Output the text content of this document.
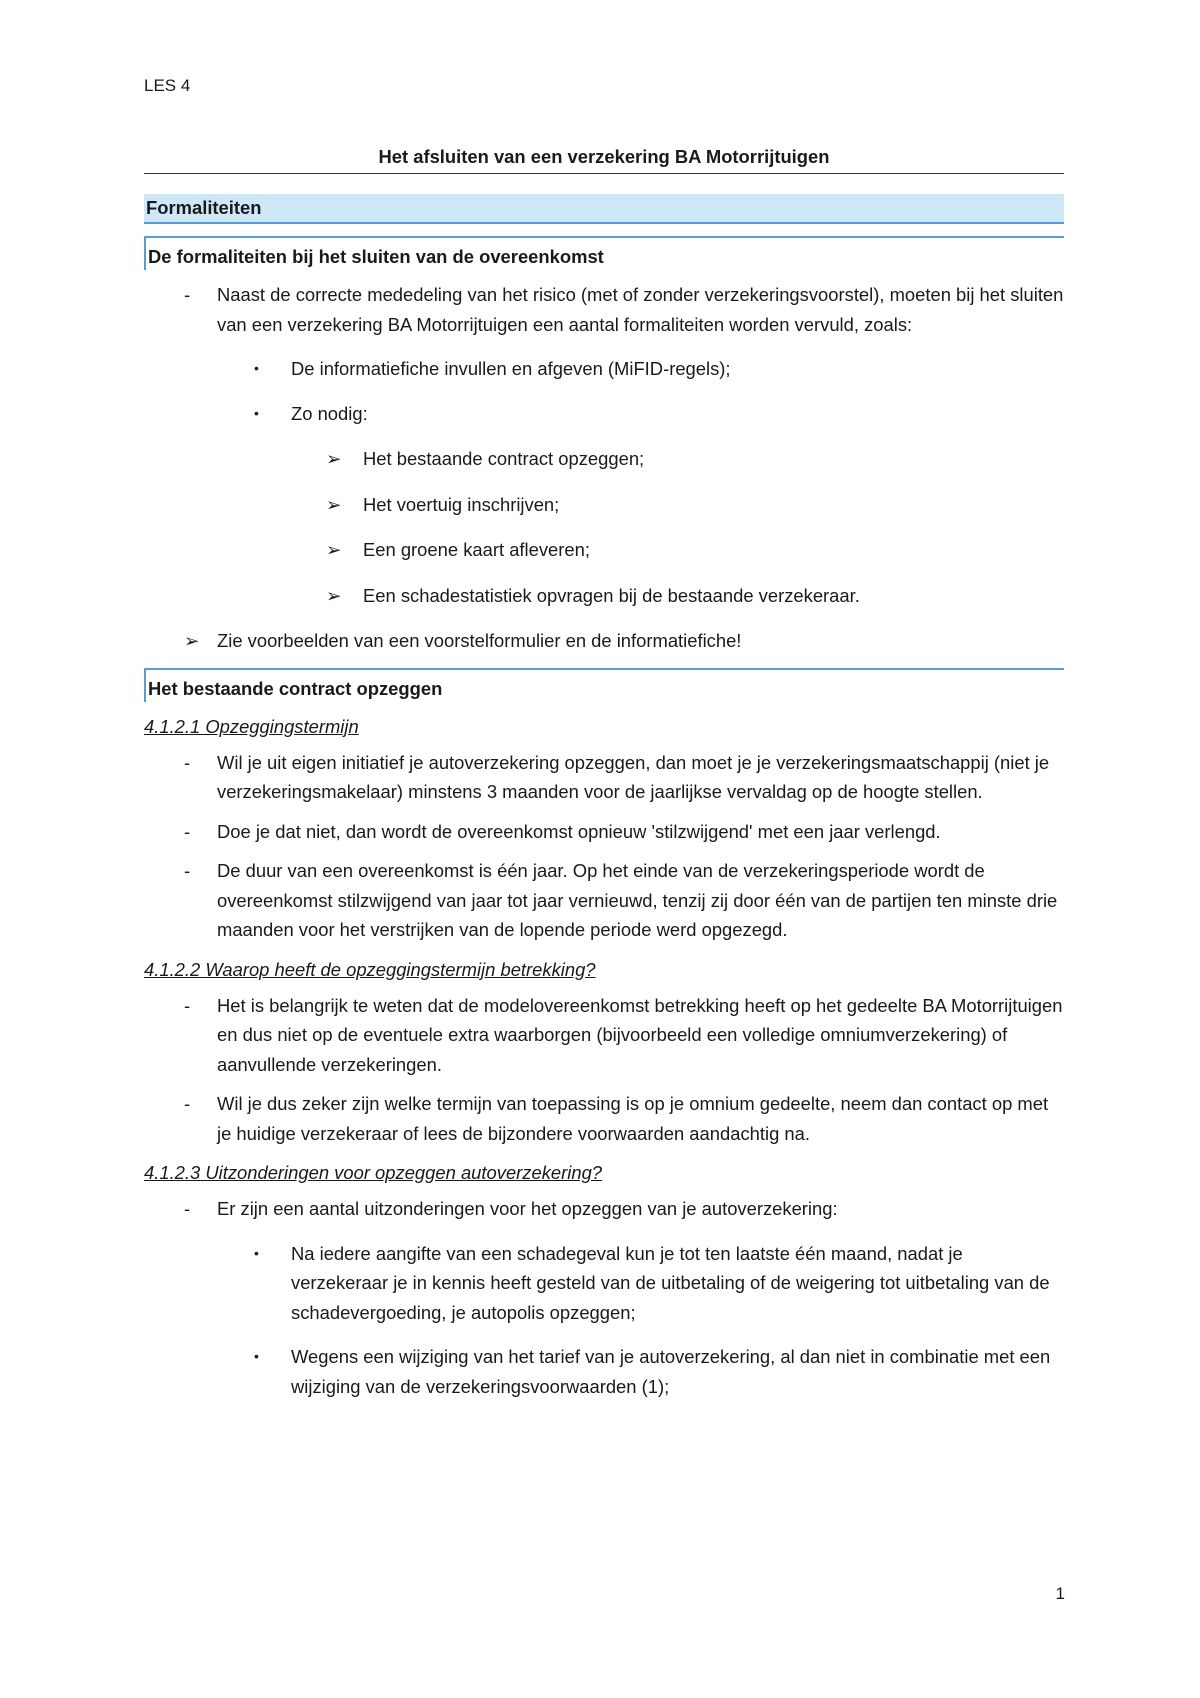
LES 4
Het afsluiten van een verzekering BA Motorrijtuigen
Formaliteiten
De formaliteiten bij het sluiten van de overeenkomst
- Naast de correcte mededeling van het risico (met of zonder verzekeringsvoorstel), moeten bij het sluiten van een verzekering BA Motorrijtuigen een aantal formaliteiten worden vervuld, zoals:
• De informatiefiche invullen en afgeven (MiFID-regels);
• Zo nodig:
➢ Het bestaande contract opzeggen;
➢ Het voertuig inschrijven;
➢ Een groene kaart afleveren;
➢ Een schadestatistiek opvragen bij de bestaande verzekeraar.
➢ Zie voorbeelden van een voorstelformulier en de informatiefiche!
Het bestaande contract opzeggen
4.1.2.1 Opzeggingstermijn
- Wil je uit eigen initiatief je autoverzekering opzeggen, dan moet je je verzekeringsmaatschappij (niet je verzekeringsmakelaar) minstens 3 maanden voor de jaarlijkse vervaldag op de hoogte stellen.
- Doe je dat niet, dan wordt de overeenkomst opnieuw 'stilzwijgend' met een jaar verlengd.
- De duur van een overeenkomst is één jaar. Op het einde van de verzekeringsperiode wordt de overeenkomst stilzwijgend van jaar tot jaar vernieuwd, tenzij zij door één van de partijen ten minste drie maanden voor het verstrijken van de lopende periode werd opgezegd.
4.1.2.2 Waarop heeft de opzeggingstermijn betrekking?
- Het is belangrijk te weten dat de modelovereenkomst betrekking heeft op het gedeelte BA Motorrijtuigen en dus niet op de eventuele extra waarborgen (bijvoorbeeld een volledige omniumverzekering) of aanvullende verzekeringen.
- Wil je dus zeker zijn welke termijn van toepassing is op je omnium gedeelte, neem dan contact op met je huidige verzekeraar of lees de bijzondere voorwaarden aandachtig na.
4.1.2.3 Uitzonderingen voor opzeggen autoverzekering?
- Er zijn een aantal uitzonderingen voor het opzeggen van je autoverzekering:
• Na iedere aangifte van een schadegeval kun je tot ten laatste één maand, nadat je verzekeraar je in kennis heeft gesteld van de uitbetaling of de weigering tot uitbetaling van de schadevergoeding, je autopolis opzeggen;
• Wegens een wijziging van het tarief van je autoverzekering, al dan niet in combinatie met een wijziging van de verzekeringsvoorwaarden (1);
1
